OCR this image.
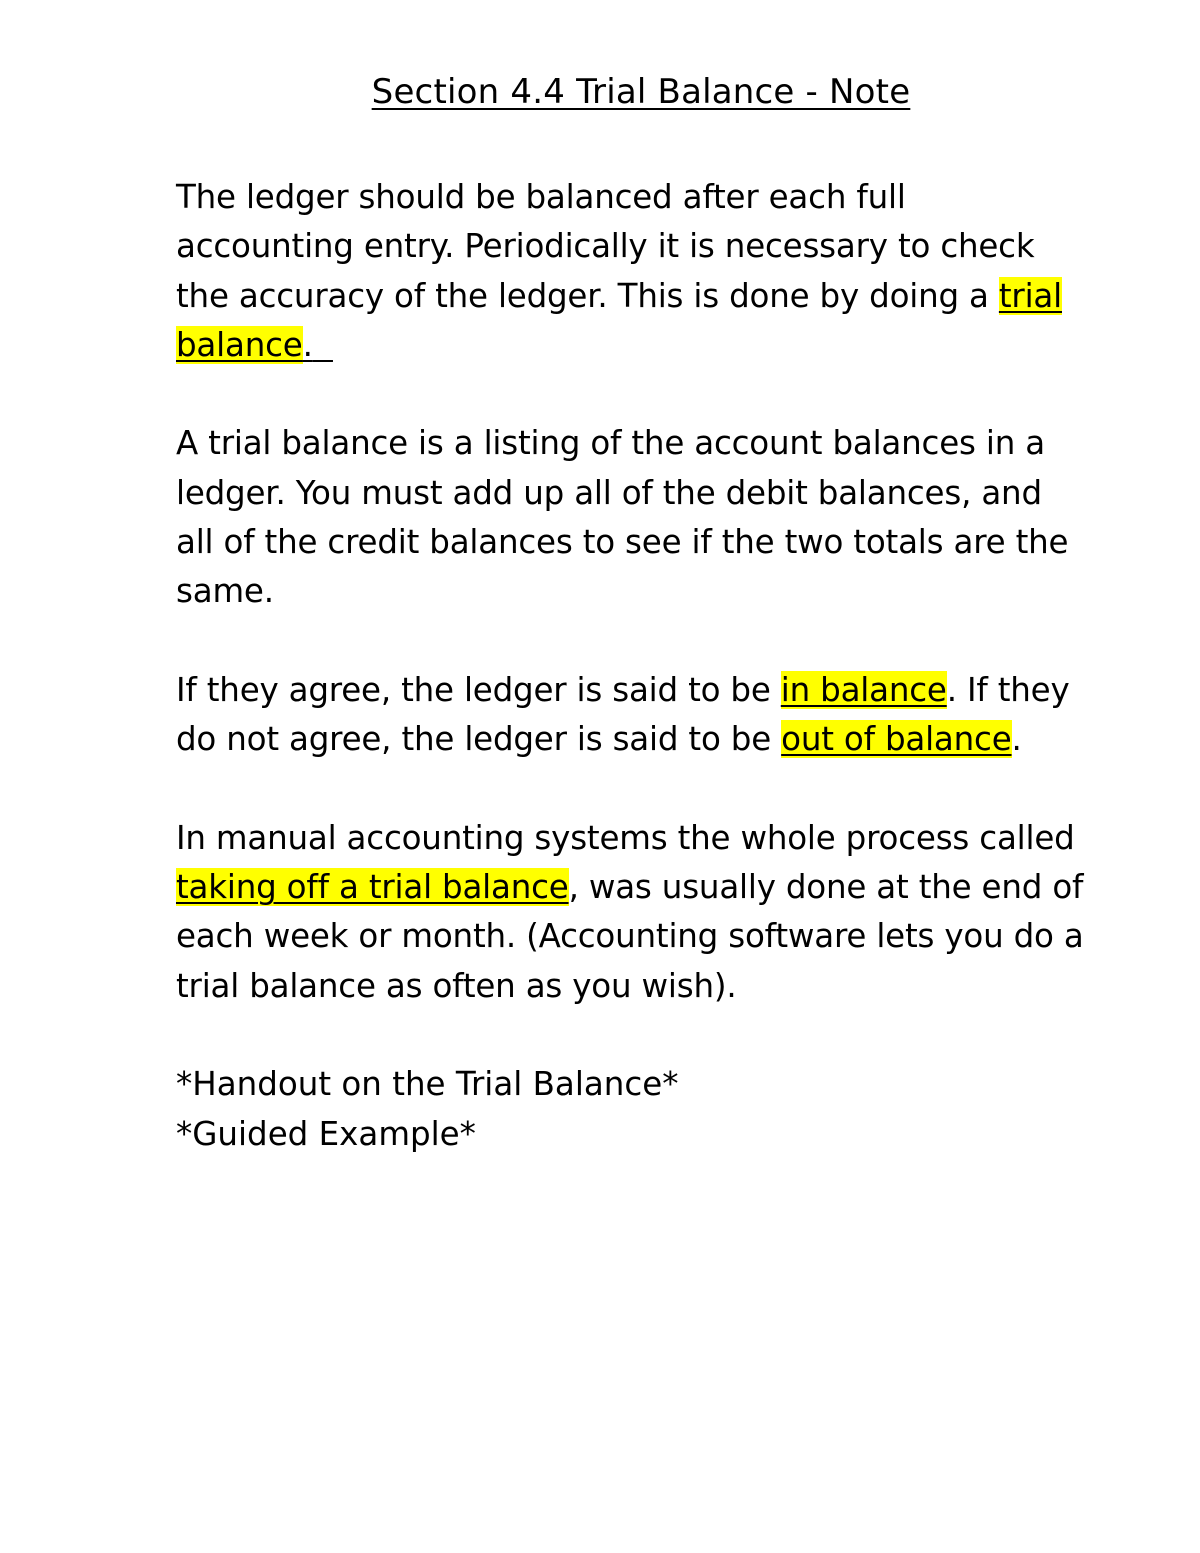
Section 4.4 Trial Balance - Note

The ledger should be balanced after each full accounting entry. Periodically it is necessary to check the accuracy of the ledger. This is done by doing a trial balance.

A trial balance is a listing of the account balances in a ledger. You must add up all of the debit balances, and all of the credit balances to see if the two totals are the same.

If they agree, the ledger is said to be in balance. If they do not agree, the ledger is said to be out of balance.

In manual accounting systems the whole process called taking off a trial balance, was usually done at the end of each week or month. (Accounting software lets you do a trial balance as often as you wish).

*Handout on the Trial Balance*
*Guided Example*
